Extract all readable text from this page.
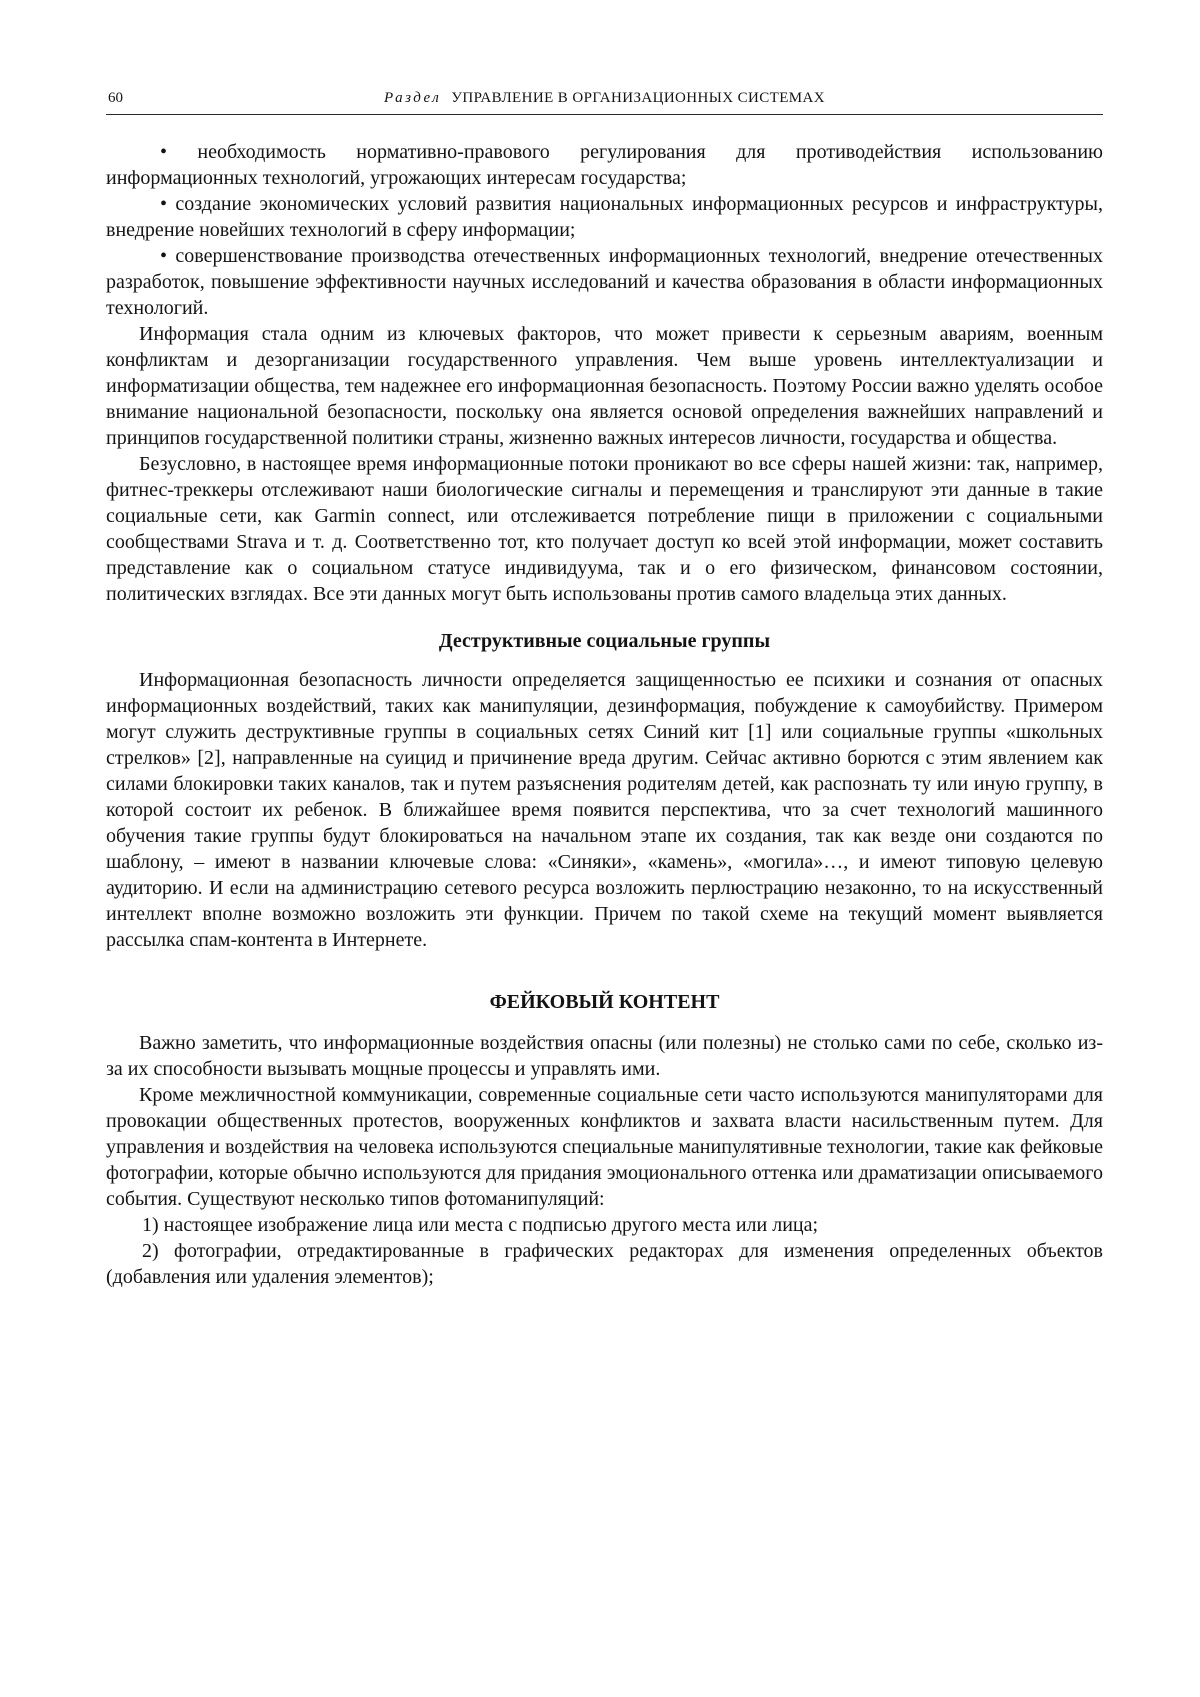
60	Раздел УПРАВЛЕНИЕ В ОРГАНИЗАЦИОННЫХ СИСТЕМАХ

• необходимость нормативно-правового регулирования для противодействия использованию информационных технологий, угрожающих интересам государства;

• создание экономических условий развития национальных информационных ресурсов и инфраструктуры, внедрение новейших технологий в сферу информации;

• совершенствование производства отечественных информационных технологий, внедрение отечественных разработок, повышение эффективности научных исследований и качества образования в области информационных технологий.

Информация стала одним из ключевых факторов, что может привести к серьезным авариям, военным конфликтам и дезорганизации государственного управления. Чем выше уровень интеллектуализации и информатизации общества, тем надежнее его информационная безопасность. Поэтому России важно уделять особое внимание национальной безопасности, поскольку она является основой определения важнейших направлений и принципов государственной политики страны, жизненно важных интересов личности, государства и общества.

Безусловно, в настоящее время информационные потоки проникают во все сферы нашей жизни: так, например, фитнес-треккеры отслеживают наши биологические сигналы и перемещения и транслируют эти данные в такие социальные сети, как Garmin connect, или отслеживается потребление пищи в приложении с социальными сообществами Strava и т. д. Соответственно тот, кто получает доступ ко всей этой информации, может составить представление как о социальном статусе индивидуума, так и о его физическом, финансовом состоянии, политических взглядах. Все эти данных могут быть использованы против самого владельца этих данных.

Деструктивные социальные группы

Информационная безопасность личности определяется защищенностью ее психики и сознания от опасных информационных воздействий, таких как манипуляции, дезинформация, побуждение к самоубийству. Примером могут служить деструктивные группы в социальных сетях Синий кит [1] или социальные группы «школьных стрелков» [2], направленные на суицид и причинение вреда другим. Сейчас активно борются с этим явлением как силами блокировки таких каналов, так и путем разъяснения родителям детей, как распознать ту или иную группу, в которой состоит их ребенок. В ближайшее время появится перспектива, что за счет технологий машинного обучения такие группы будут блокироваться на начальном этапе их создания, так как везде они создаются по шаблону, – имеют в названии ключевые слова: «Синяки», «камень», «могила»…, и имеют типовую целевую аудиторию. И если на администрацию сетевого ресурса возложить перлюстрацию незаконно, то на искусственный интеллект вполне возможно возложить эти функции. Причем по такой схеме на текущий момент выявляется рассылка спам-контента в Интернете.

ФЕЙКОВЫЙ КОНТЕНТ

Важно заметить, что информационные воздействия опасны (или полезны) не столько сами по себе, сколько из-за их способности вызывать мощные процессы и управлять ими.

Кроме межличностной коммуникации, современные социальные сети часто используются манипуляторами для провокации общественных протестов, вооруженных конфликтов и захвата власти насильственным путем. Для управления и воздействия на человека используются специальные манипулятивные технологии, такие как фейковые фотографии, которые обычно используются для придания эмоционального оттенка или драматизации описываемого события. Существуют несколько типов фотоманипуляций:

1) настоящее изображение лица или места с подписью другого места или лица;

2) фотографии, отредактированные в графических редакторах для изменения определенных объектов (добавления или удаления элементов);
